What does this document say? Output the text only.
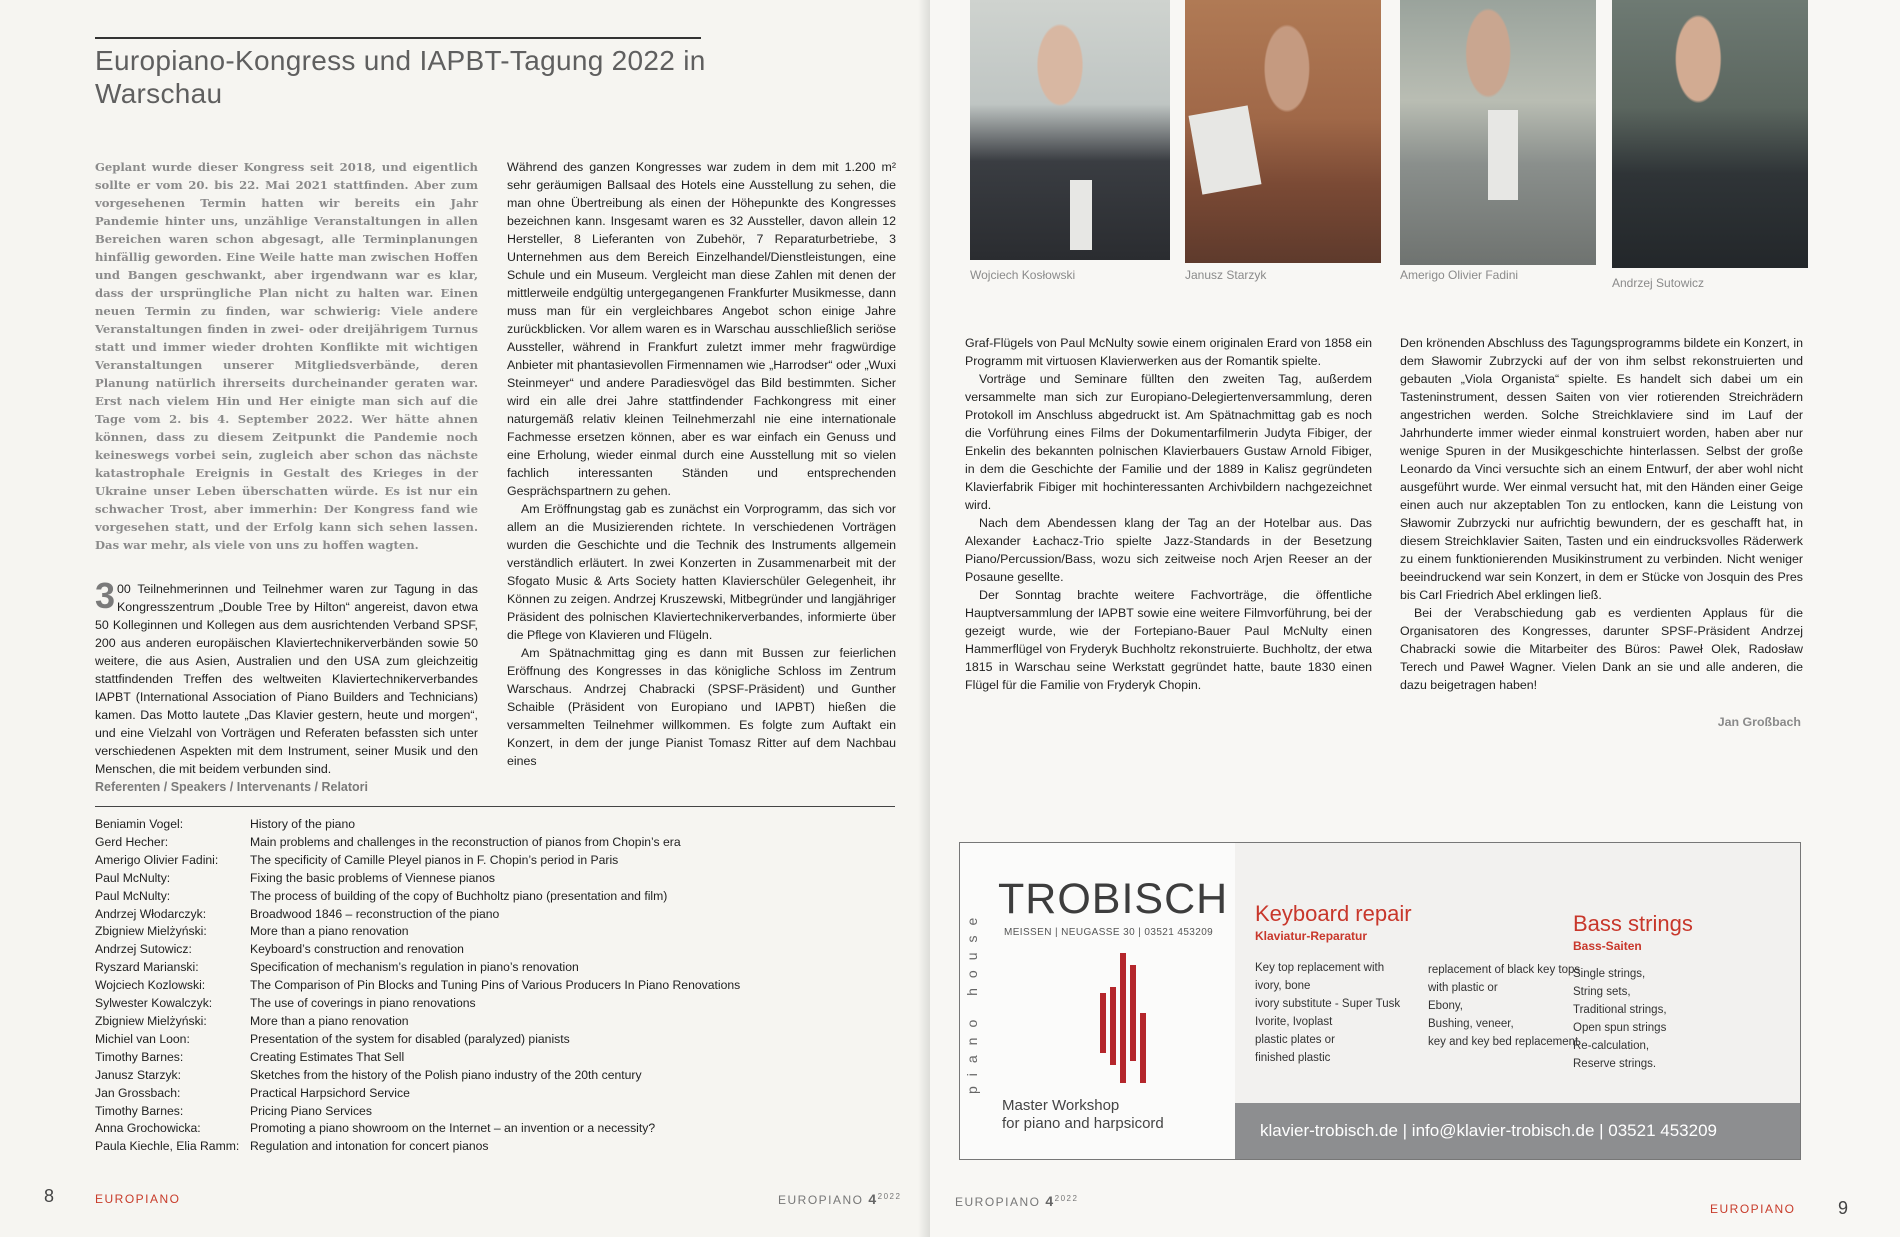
Europiano-Kongress und IAPBT-Tagung 2022 in Warschau

Geplant wurde dieser Kongress seit 2018, und eigentlich sollte er vom 20. bis 22. Mai 2021 stattfinden. Aber zum vorgesehenen Termin hatten wir bereits ein Jahr Pandemie hinter uns, unzählige Veranstaltungen in allen Bereichen waren schon abgesagt, alle Terminplanungen hinfällig geworden. Eine Weile hatte man zwischen Hoffen und Bangen geschwankt, aber irgendwann war es klar, dass der ursprüngliche Plan nicht zu halten war. Einen neuen Termin zu finden, war schwierig: Viele andere Veranstaltungen finden in zwei- oder dreijährigem Turnus statt und immer wieder drohten Konflikte mit wichtigen Veranstaltungen unserer Mitgliedsverbände, deren Planung natürlich ihrerseits durcheinander geraten war. Erst nach vielem Hin und Her einigte man sich auf die Tage vom 2. bis 4. September 2022. Wer hätte ahnen können, dass zu diesem Zeitpunkt die Pandemie noch keineswegs vorbei sein, zugleich aber schon das nächste katastrophale Ereignis in Gestalt des Krieges in der Ukraine unser Leben überschatten würde. Es ist nur ein schwacher Trost, aber immerhin: Der Kongress fand wie vorgesehen statt, und der Erfolg kann sich sehen lassen. Das war mehr, als viele von uns zu hoffen wagten.

3 00 Teilnehmerinnen und Teilnehmer waren zur Tagung in das Kongresszentrum „Double Tree by Hilton“ angereist, davon etwa 50 Kolleginnen und Kollegen aus dem ausrichtenden Verband SPSF, 200 aus anderen europäischen Klaviertechnikerverbänden sowie 50 weitere, die aus Asien, Australien und den USA zum gleichzeitig stattfindenden Treffen des weltweiten Klaviertechnikerverbandes IAPBT (International Association of Piano Builders and Technicians) kamen. Das Motto lautete „Das Klavier gestern, heute und morgen“, und eine Vielzahl von Vorträgen und Referaten befassten sich unter verschiedenen Aspekten mit dem Instrument, seiner Musik und den Menschen, die mit beidem verbunden sind.

Während des ganzen Kongresses war zudem in dem mit 1.200 m² sehr geräumigen Ballsaal des Hotels eine Ausstellung zu sehen, die man ohne Übertreibung als einen der Höhepunkte des Kongresses bezeichnen kann. Insgesamt waren es 32 Aussteller, davon allein 12 Hersteller, 8 Lieferanten von Zubehör, 7 Reparaturbetriebe, 3 Unternehmen aus dem Bereich Einzelhandel/Dienstleistungen, eine Schule und ein Museum. Vergleicht man diese Zahlen mit denen der mittlerweile endgültig untergegangenen Frankfurter Musikmesse, dann muss man für ein vergleichbares Angebot schon einige Jahre zurückblicken. Vor allem waren es in Warschau ausschließlich seriöse Aussteller, während in Frankfurt zuletzt immer mehr fragwürdige Anbieter mit phantasievollen Firmennamen wie „Harrodser“ oder „Wuxi Steinmeyer“ und andere Paradiesvögel das Bild bestimmten. Sicher wird ein alle drei Jahre stattfindender Fachkongress mit einer naturgemäß relativ kleinen Teilnehmerzahl nie eine internationale Fachmesse ersetzen können, aber es war einfach ein Genuss und eine Erholung, wieder einmal durch eine Ausstellung mit so vielen fachlich interessanten Ständen und entsprechenden Gesprächspartnern zu gehen.

Am Eröffnungstag gab es zunächst ein Vorprogramm, das sich vor allem an die Musizierenden richtete. In verschiedenen Vorträgen wurden die Geschichte und die Technik des Instruments allgemein verständlich erläutert. In zwei Konzerten in Zusammenarbeit mit der Sfogato Music & Arts Society hatten Klavierschüler Gelegenheit, ihr Können zu zeigen. Andrzej Kruszewski, Mitbegründer und langjähriger Präsident des polnischen Klaviertechnikerverbandes, informierte über die Pflege von Klavieren und Flügeln.

Am Spätnachmittag ging es dann mit Bussen zur feierlichen Eröffnung des Kongresses in das königliche Schloss im Zentrum Warschaus. Andrzej Chabracki (SPSF-Präsident) und Gunther Schaible (Präsident von Europiano und IAPBT) hießen die versammelten Teilnehmer willkommen. Es folgte zum Auftakt ein Konzert, in dem der junge Pianist Tomasz Ritter auf dem Nachbau eines

Referenten / Speakers / Intervenants / Relatori
Beniamin Vogel:	History of the piano
Gerd Hecher:	Main problems and challenges in the reconstruction of pianos from Chopin’s era
Amerigo Olivier Fadini:	The specificity of Camille Pleyel pianos in F. Chopin’s period in Paris
Paul McNulty:	Fixing the basic problems of Viennese pianos
Paul McNulty:	The process of building of the copy of Buchholtz piano (presentation and film)
Andrzej Włodarczyk:	Broadwood 1846 – reconstruction of the piano
Zbigniew Mielżyński:	More than a piano renovation
Andrzej Sutowicz:	Keyboard’s construction and renovation
Ryszard Marianski:	Specification of mechanism’s regulation in piano’s renovation
Wojciech Kozlowski:	The Comparison of Pin Blocks and Tuning Pins of Various Producers In Piano Renovations
Sylwester Kowalczyk:	The use of coverings in piano renovations
Zbigniew Mielżyński:	More than a piano renovation
Michiel van Loon:	Presentation of the system for disabled (paralyzed) pianists
Timothy Barnes:	Creating Estimates That Sell
Janusz Starzyk:	Sketches from the history of the Polish piano industry of the 20th century
Jan Grossbach:	Practical Harpsichord Service
Timothy Barnes:	Pricing Piano Services
Anna Grochowicka:	Promoting a piano showroom on the Internet – an invention or a necessity?
Paula Kiechle, Elia Ramm:	Regulation and intonation for concert pianos
8	EUROPIANO	EUROPIANO $4^{2022}$
Wojciech Kosłowski	Janusz Starzyk	Amerigo Olivier Fadini
Andrzej Sutowicz

Graf-Flügels von Paul McNulty sowie einem originalen Erard von 1858 ein Programm mit virtuosen Klavierwerken aus der Romantik spielte.

Vorträge und Seminare füllten den zweiten Tag, außerdem versammelte man sich zur Europiano-Delegiertenversammlung, deren Protokoll im Anschluss abgedruckt ist. Am Spätnachmittag gab es noch die Vorführung eines Films der Dokumentarfilmerin Judyta Fibiger, der Enkelin des bekannten polnischen Klavierbauers Gustaw Arnold Fibiger, in dem die Geschichte der Familie und der 1889 in Kalisz gegründeten Klavierfabrik Fibiger mit hochinteressanten Archivbildern nachgezeichnet wird.

Nach dem Abendessen klang der Tag an der Hotelbar aus. Das Alexander Łachacz-Trio spielte Jazz-Standards in der Besetzung Piano/Percussion/Bass, wozu sich zeitweise noch Arjen Reeser an der Posaune gesellte.

Der Sonntag brachte weitere Fachvorträge, die öffentliche Hauptversammlung der IAPBT sowie eine weitere Filmvorführung, bei der gezeigt wurde, wie der Fortepiano-Bauer Paul McNulty einen Hammerflügel von Fryderyk Buchholtz rekonstruierte. Buchholtz, der etwa 1815 in Warschau seine Werkstatt gegründet hatte, baute 1830 einen Flügel für die Familie von Fryderyk Chopin.

Den krönenden Abschluss des Tagungsprogramms bildete ein Konzert, in dem Sławomir Zubrzycki auf der von ihm selbst rekonstruierten und gebauten „Viola Organista“ spielte. Es handelt sich dabei um ein Tasteninstrument, dessen Saiten von vier rotierenden Streichrädern angestrichen werden. Solche Streichklaviere sind im Lauf der Jahrhunderte immer wieder einmal konstruiert worden, haben aber nur wenige Spuren in der Musikgeschichte hinterlassen. Selbst der große Leonardo da Vinci versuchte sich an einem Entwurf, der aber wohl nicht ausgeführt wurde. Wer einmal versucht hat, mit den Händen einer Geige einen auch nur akzeptablen Ton zu entlocken, kann die Leistung von Sławomir Zubrzycki nur aufrichtig bewundern, der es geschafft hat, in diesem Streichklavier Saiten, Tasten und ein eindrucksvolles Räderwerk zu einem funktionierenden Musikinstrument zu verbinden. Nicht weniger beeindruckend war sein Konzert, in dem er Stücke von Josquin des Pres bis Carl Friedrich Abel erklingen ließ.

Bei der Verabschiedung gab es verdienten Applaus für die Organisatoren des Kongresses, darunter SPSF-Präsident Andrzej Chabracki sowie die Mitarbeiter des Büros: Paweł Olek, Radosław Terech und Paweł Wagner. Vielen Dank an sie und alle anderen, die dazu beigetragen haben!

Jan Großbach
piano house
TROBISCH
MEISSEN | NEUGASSE 30 | 03521 453209
Master Workshop
for piano and harpsicord
Keyboard repair
Klaviatur-Reparatur
Key top replacement with
ivory, bone
ivory substitute - Super Tusk
Ivorite, Ivoplast
plastic plates or
finished plastic
replacement of black key tops
with plastic or
Ebony,
Bushing, veneer,
key and key bed replacement
Bass strings
Bass-Saiten
Single strings,
String sets,
Traditional strings,
Open spun strings
Re-calculation,
Reserve strings.
klavier-trobisch.de | info@klavier-trobisch.de | 03521 453209
EUROPIANO $4^{2022}$
EUROPIANO 9
